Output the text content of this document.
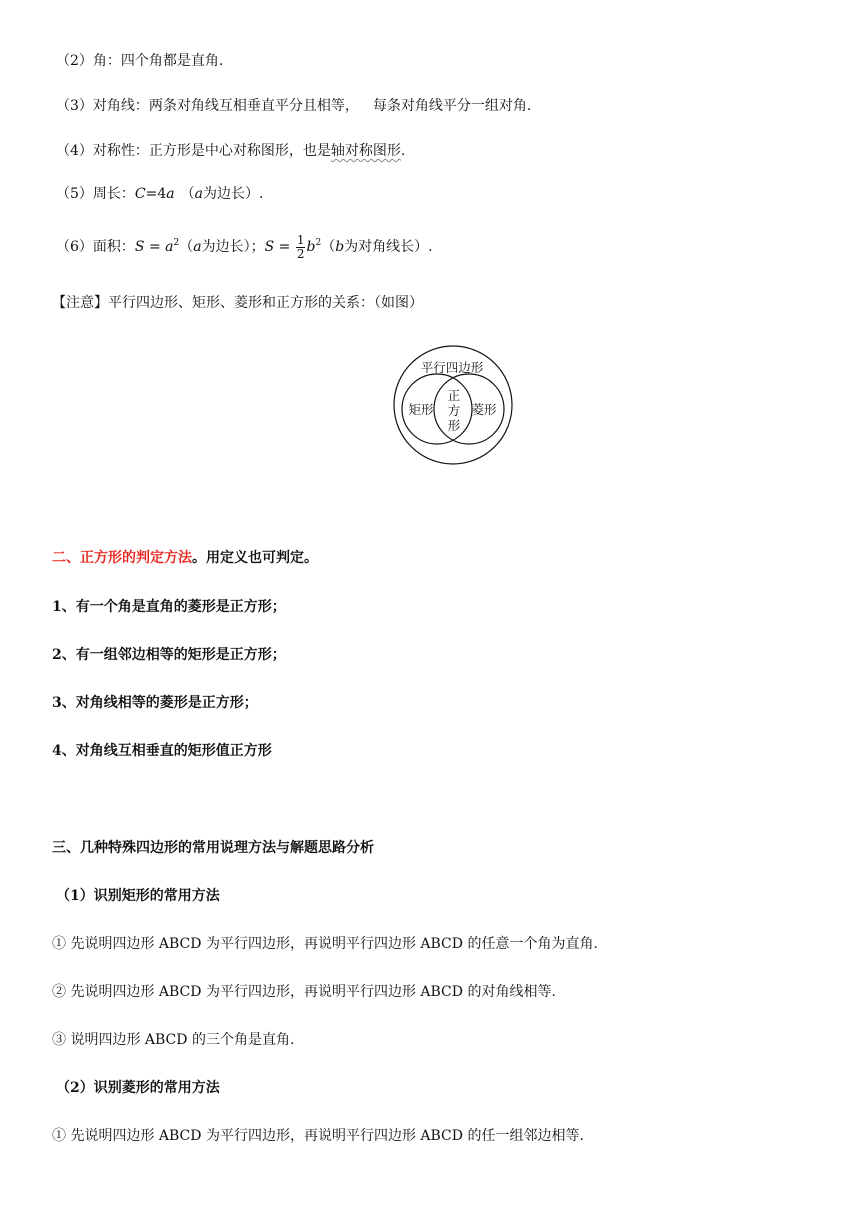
（2）角：四个角都是直角.
（3）对角线：两条对角线互相垂直平分且相等， 每条对角线平分一组对角.
（4）对称性：正方形是中心对称图形，也是轴对称图形.
（5）周长：C=4a （a为边长）.
（6）面积：$S = a^2(a$为边长）；$S = \frac{1}{2} b^2(b$为对角线长）.
【注意】平行四边形、矩形、菱形和正方形的关系：（如图）
平行四边形
矩形	菱形
正
方
形
二、正方形的判定方法。用定义也可判定。
1、有一个角是直角的菱形是正方形；
2、有一组邻边相等的矩形是正方形；
3、对角线相等的菱形是正方形；
4、对角线互相垂直的矩形值正方形
三、几种特殊四边形的常用说理方法与解题思路分析
（1）识别矩形的常用方法
① 先说明四边形 ABCD 为平行四边形，再说明平行四边形 ABCD 的任意一个角为直角.
② 先说明四边形 ABCD 为平行四边形，再说明平行四边形 ABCD 的对角线相等.
③ 说明四边形 ABCD 的三个角是直角.
（2）识别菱形的常用方法
① 先说明四边形 ABCD 为平行四边形，再说明平行四边形 ABCD 的任一组邻边相等.
